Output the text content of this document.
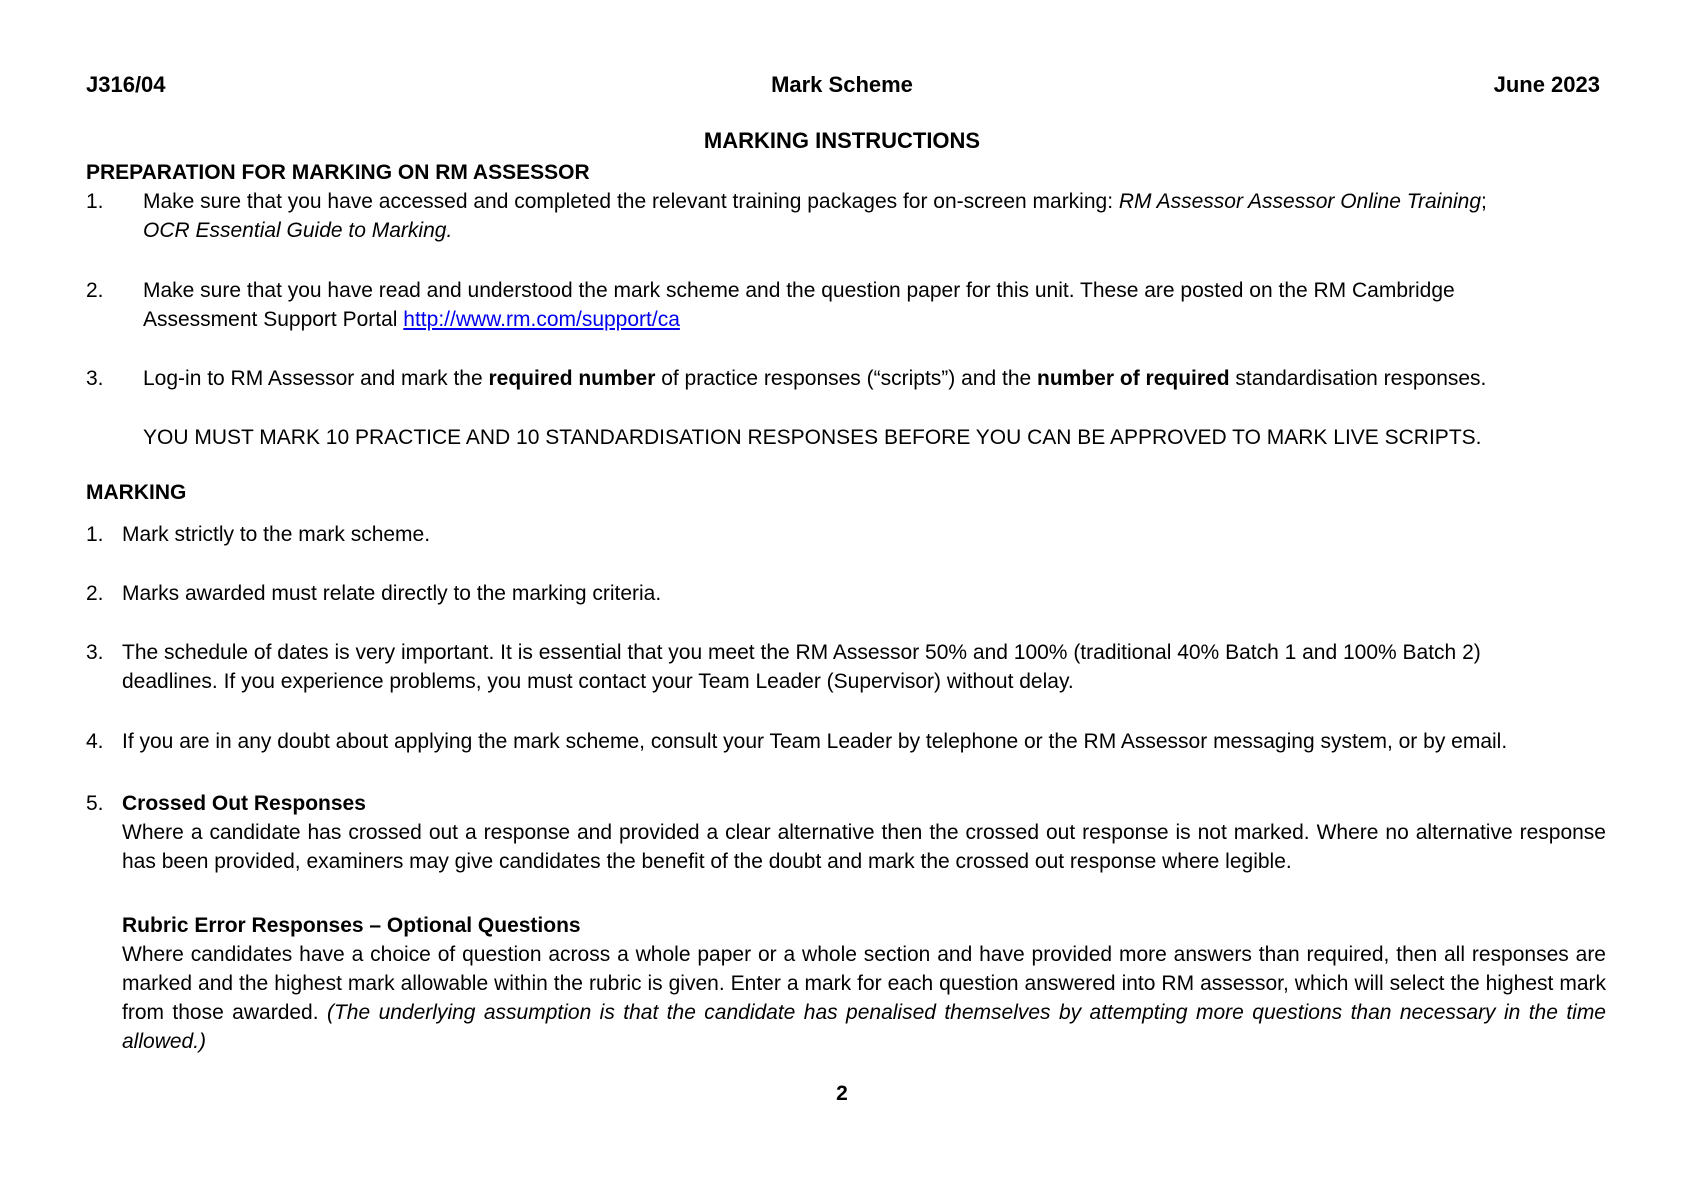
J316/04	Mark Scheme	June 2023
MARKING INSTRUCTIONS
PREPARATION FOR MARKING ON RM ASSESSOR
1. Make sure that you have accessed and completed the relevant training packages for on-screen marking: RM Assessor Assessor Online Training;
OCR Essential Guide to Marking.
2. Make sure that you have read and understood the mark scheme and the question paper for this unit. These are posted on the RM Cambridge Assessment Support Portal http://www.rm.com/support/ca
3. Log-in to RM Assessor and mark the required number of practice responses (“scripts”) and the number of required standardisation responses.
YOU MUST MARK 10 PRACTICE AND 10 STANDARDISATION RESPONSES BEFORE YOU CAN BE APPROVED TO MARK LIVE SCRIPTS.
MARKING
1. Mark strictly to the mark scheme.
2. Marks awarded must relate directly to the marking criteria.
3. The schedule of dates is very important. It is essential that you meet the RM Assessor 50% and 100% (traditional 40% Batch 1 and 100% Batch 2) deadlines. If you experience problems, you must contact your Team Leader (Supervisor) without delay.
4. If you are in any doubt about applying the mark scheme, consult your Team Leader by telephone or the RM Assessor messaging system, or by email.
5. Crossed Out Responses
Where a candidate has crossed out a response and provided a clear alternative then the crossed out response is not marked. Where no alternative response has been provided, examiners may give candidates the benefit of the doubt and mark the crossed out response where legible.
Rubric Error Responses – Optional Questions
Where candidates have a choice of question across a whole paper or a whole section and have provided more answers than required, then all responses are marked and the highest mark allowable within the rubric is given. Enter a mark for each question answered into RM assessor, which will select the highest mark from those awarded. (The underlying assumption is that the candidate has penalised themselves by attempting more questions than necessary in the time allowed.)
2
